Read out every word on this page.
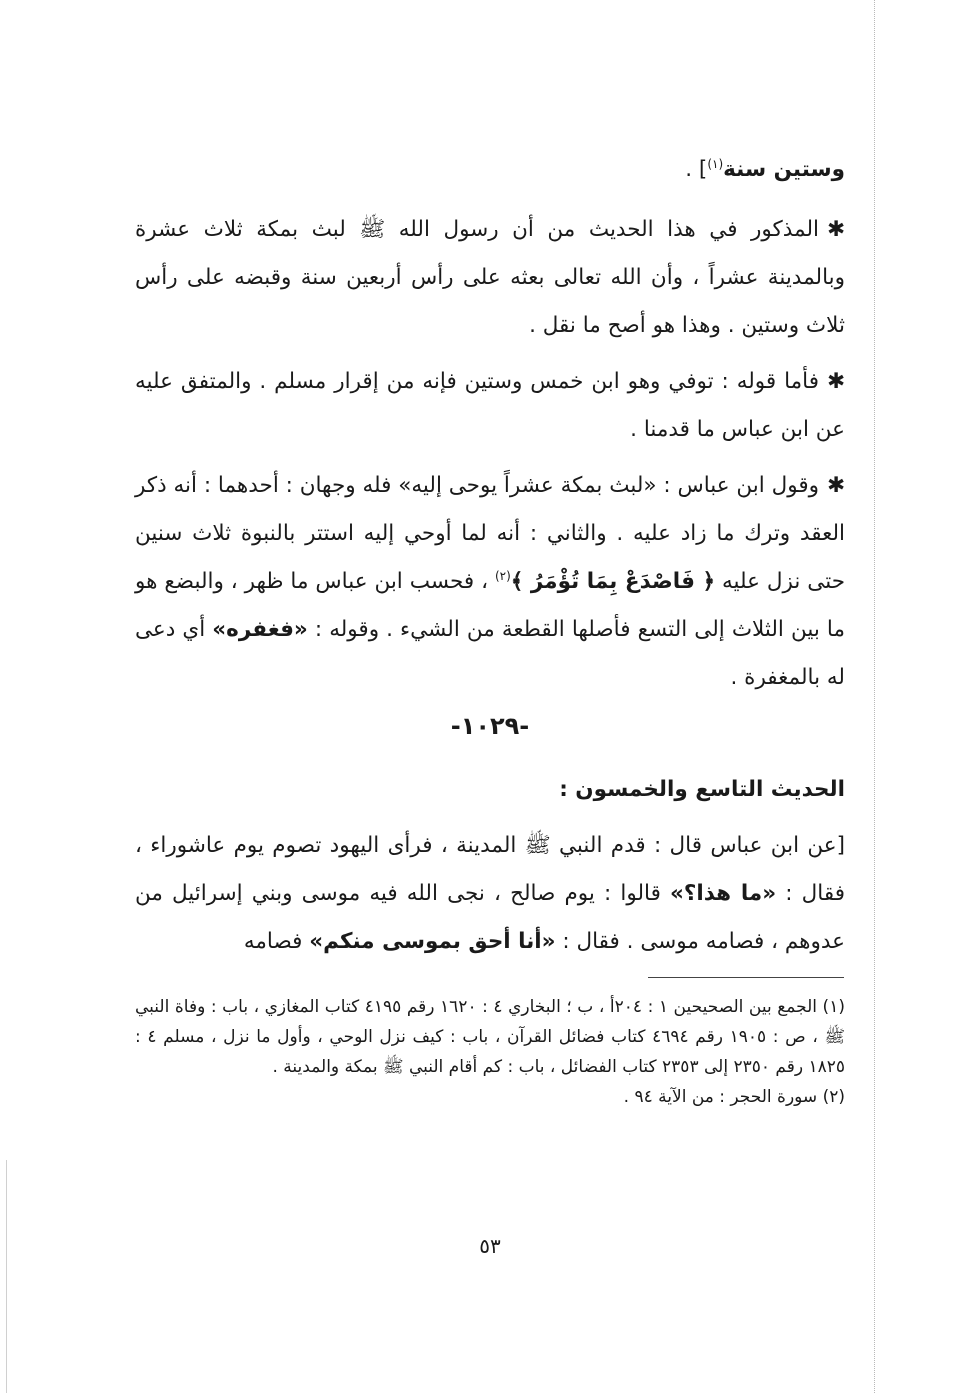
وستين سنة$^{(١)}$] .

✱المذكور في هذا الحديث من أن رسول الله ﷺ لبث بمكة ثلاث عشرة وبالمدينة عشراً ، وأن الله تعالى بعثه على رأس أربعين سنة وقبضه على رأس ثلاث وستين . وهذا هو أصح ما نقل .

✱فأما قوله : توفي وهو ابن خمس وستين فإنه من إقرار مسلم . والمتفق عليه عن ابن عباس ما قدمنا .

✱وقول ابن عباس : «لبث بمكة عشراً يوحى إليه» فله وجهان : أحدهما : أنه ذكر العقد وترك ما زاد عليه . والثاني : أنه لما أوحي إليه استتر بالنبوة ثلاث سنين حتى نزل عليه ﴿ فَاصْدَعْ بِمَا تُؤْمَرُ ﴾$^{(٢)}$ ، فحسب ابن عباس ما ظهر ، والبضع هو ما بين الثلاث إلى التسع فأصلها القطعة من الشيء . وقوله : «فغفره» أي دعى له بالمغفرة .

-١٠٢٩-
الحديث التاسع والخمسون :

[عن ابن عباس قال : قدم النبي ﷺ المدينة ، فرأى اليهود تصوم يوم عاشوراء ، فقال : «ما هذا؟» قالوا : يوم صالح ، نجى الله فيه موسى وبني إسرائيل من عدوهم ، فصامه موسى . فقال : «أنا أحق بموسى منكم» فصامه

(١) الجمع بين الصحيحين ١ : ٢٠٤أ ، ب ؛ البخاري ٤ : ١٦٢٠ رقم ٤١٩٥ كتاب المغازي ، باب : وفاة النبي ﷺ ، ص : ١٩٠٥ رقم ٤٦٩٤ كتاب فضائل القرآن ، باب : كيف نزل الوحي ، وأول ما نزل ، مسلم ٤ : ١٨٢٥ رقم ٢٣٥٠ إلى ٢٣٥٣ كتاب الفضائل ، باب : كم أقام النبي ﷺ بمكة والمدينة .

(٢) سورة الحجر : من الآية ٩٤ .

٥٣
